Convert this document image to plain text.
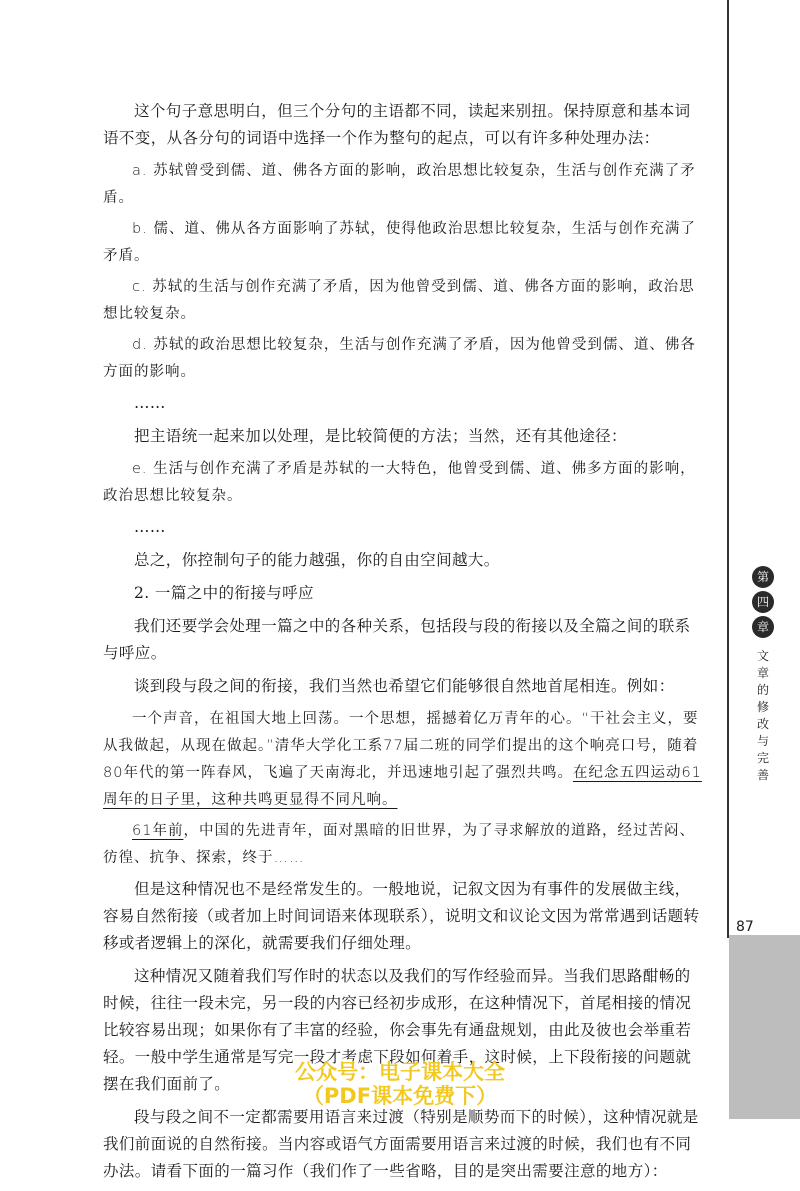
第
四
章
文
章
的
修
改
与
完
善
87

这个句子意思明白，但三个分句的主语都不同，读起来别扭。保持原意和基本词语不变，从各分句的词语中选择一个作为整句的起点，可以有许多种处理办法：

a. 苏轼曾受到儒、道、佛各方面的影响，政治思想比较复杂，生活与创作充满了矛盾。

b. 儒、道、佛从各方面影响了苏轼，使得他政治思想比较复杂，生活与创作充满了矛盾。

c. 苏轼的生活与创作充满了矛盾，因为他曾受到儒、道、佛各方面的影响，政治思想比较复杂。

d. 苏轼的政治思想比较复杂，生活与创作充满了矛盾，因为他曾受到儒、道、佛各方面的影响。

……

把主语统一起来加以处理，是比较简便的方法；当然，还有其他途径：

e. 生活与创作充满了矛盾是苏轼的一大特色，他曾受到儒、道、佛多方面的影响，政治思想比较复杂。

……

总之，你控制句子的能力越强，你的自由空间越大。

2. 一篇之中的衔接与呼应

我们还要学会处理一篇之中的各种关系，包括段与段的衔接以及全篇之间的联系与呼应。

谈到段与段之间的衔接，我们当然也希望它们能够很自然地首尾相连。例如：

一个声音，在祖国大地上回荡。一个思想，摇撼着亿万青年的心。“干社会主义，要从我做起，从现在做起。”清华大学化工系77届二班的同学们提出的这个响亮口号，随着80年代的第一阵春风，飞遍了天南海北，并迅速地引起了强烈共鸣。在纪念五四运动61周年的日子里，这种共鸣更显得不同凡响。

61年前，中国的先进青年，面对黑暗的旧世界，为了寻求解放的道路，经过苦闷、彷徨、抗争、探索，终于……

但是这种情况也不是经常发生的。一般地说，记叙文因为有事件的发展做主线，容易自然衔接（或者加上时间词语来体现联系），说明文和议论文因为常常遇到话题转移或者逻辑上的深化，就需要我们仔细处理。

这种情况又随着我们写作时的状态以及我们的写作经验而异。当我们思路酣畅的时候，往往一段未完，另一段的内容已经初步成形，在这种情况下，首尾相接的情况比较容易出现；如果你有了丰富的经验，你会事先有通盘规划，由此及彼也会举重若轻。一般中学生通常是写完一段才考虑下段如何着手，这时候，上下段衔接的问题就摆在我们面前了。

段与段之间不一定都需要用语言来过渡（特别是顺势而下的时候），这种情况就是我们前面说的自然衔接。当内容或语气方面需要用语言来过渡的时候，我们也有不同办法。请看下面的一篇习作（我们作了一些省略，目的是突出需要注意的地方）：

公众号：电子课本大全
（PDF课本免费下）
